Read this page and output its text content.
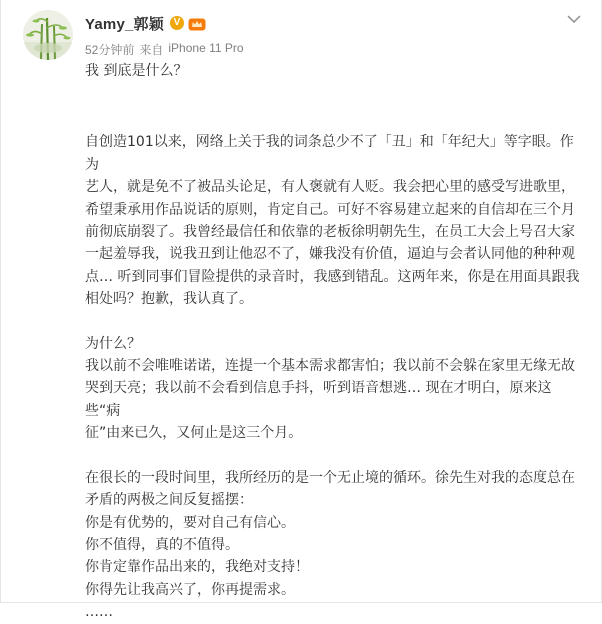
Yamy_郭颖 V
52分钟前 来自 iPhone 11 Pro

我 到底是什么？

自创造101以来，网络上关于我的词条总少不了「丑」和「年纪大」等字眼。作为
艺人，就是免不了被品头论足，有人褒就有人贬。我会把心里的感受写进歌里，
希望秉承用作品说话的原则，肯定自己。可好不容易建立起来的自信却在三个月
前彻底崩裂了。我曾经最信任和依靠的老板徐明朝先生，在员工大会上号召大家
一起羞辱我，说我丑到让他忍不了，嫌我没有价值，逼迫与会者认同他的种种观
点… 听到同事们冒险提供的录音时，我感到错乱。这两年来，你是在用面具跟我
相处吗？抱歉，我认真了。

为什么？
我以前不会唯唯诺诺，连提一个基本需求都害怕；我以前不会躲在家里无缘无故
哭到天亮；我以前不会看到信息手抖，听到语音想逃… 现在才明白，原来这些“病
征”由来已久，又何止是这三个月。

在很长的一段时间里，我所经历的是一个无止境的循环。徐先生对我的态度总在
矛盾的两极之间反复摇摆：
你是有优势的，要对自己有信心。
你不值得，真的不值得。
你肯定靠作品出来的，我绝对支持！
你得先让我高兴了，你再提需求。
……
